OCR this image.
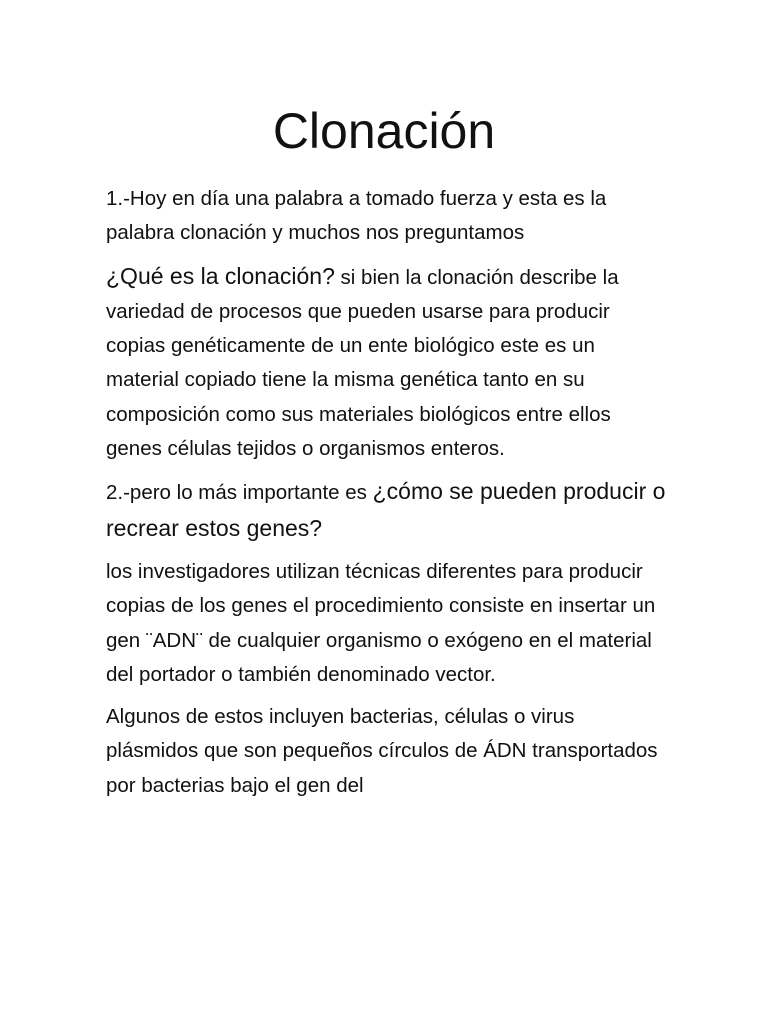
Clonación

1.-Hoy en día una palabra a tomado fuerza y esta es la palabra clonación y muchos nos preguntamos

¿Qué es la clonación? si bien la clonación describe la variedad de procesos que pueden usarse para producir copias genéticamente de un ente biológico este es un material copiado tiene la misma genética tanto en su composición como sus materiales biológicos entre ellos genes células tejidos o organismos enteros.

2.-pero lo más importante es ¿cómo se pueden producir o recrear estos genes?

los investigadores utilizan técnicas diferentes para producir copias de los genes el procedimiento consiste en insertar un gen ¨ADN¨ de cualquier organismo o exógeno en el material del portador o también denominado vector.

Algunos de estos incluyen bacterias, células o virus plásmidos que son pequeños círculos de ÁDN transportados por bacterias bajo el gen del
